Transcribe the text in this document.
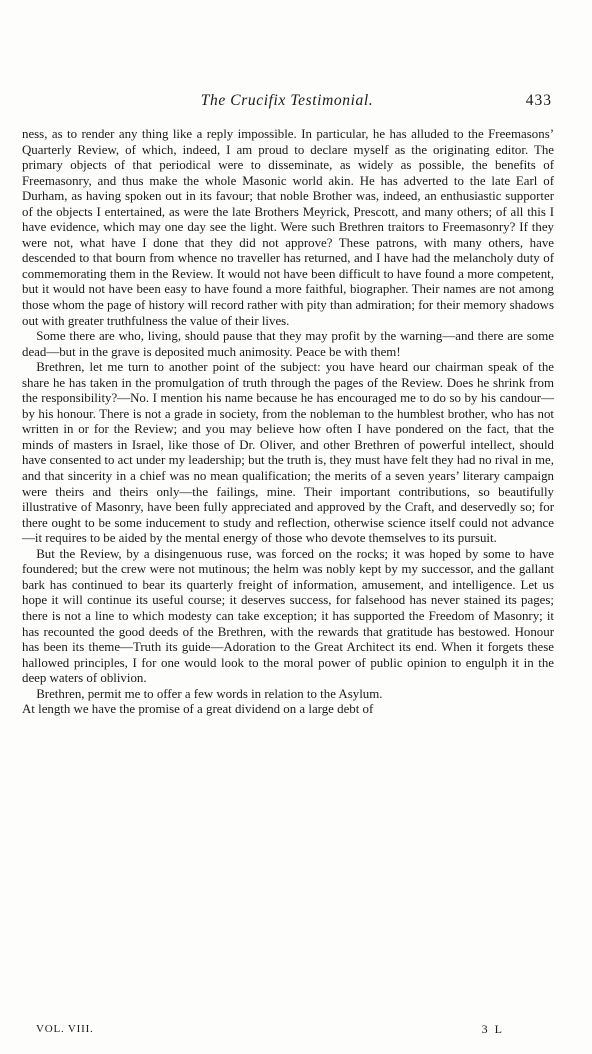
The Crucifix Testimonial.	433

ness, as to render any thing like a reply impossible. In particular, he has alluded to the Freemasons’ Quarterly Review, of which, indeed, I am proud to declare myself as the originating editor. The primary objects of that periodical were to disseminate, as widely as possible, the benefits of Freemasonry, and thus make the whole Masonic world akin. He has adverted to the late Earl of Durham, as having spoken out in its favour; that noble Brother was, indeed, an enthusiastic supporter of the objects I entertained, as were the late Brothers Meyrick, Prescott, and many others; of all this I have evidence, which may one day see the light. Were such Brethren traitors to Freemasonry? If they were not, what have I done that they did not approve? These patrons, with many others, have descended to that bourn from whence no traveller has returned, and I have had the melancholy duty of commemorating them in the Review. It would not have been difficult to have found a more competent, but it would not have been easy to have found a more faithful, biographer. Their names are not among those whom the page of history will record rather with pity than admiration; for their memory shadows out with greater truthfulness the value of their lives.

Some there are who, living, should pause that they may profit by the warning—and there are some dead—but in the grave is deposited much animosity. Peace be with them!

Brethren, let me turn to another point of the subject: you have heard our chairman speak of the share he has taken in the promulgation of truth through the pages of the Review. Does he shrink from the responsibility?—No. I mention his name because he has encouraged me to do so by his candour—by his honour. There is not a grade in society, from the nobleman to the humblest brother, who has not written in or for the Review; and you may believe how often I have pondered on the fact, that the minds of masters in Israel, like those of Dr. Oliver, and other Brethren of powerful intellect, should have consented to act under my leadership; but the truth is, they must have felt they had no rival in me, and that sincerity in a chief was no mean qualification; the merits of a seven years’ literary campaign were theirs and theirs only—the failings, mine. Their important contributions, so beautifully illustrative of Masonry, have been fully appreciated and approved by the Craft, and deservedly so; for there ought to be some inducement to study and reflection, otherwise science itself could not advance—it requires to be aided by the mental energy of those who devote themselves to its pursuit.

But the Review, by a disingenuous ruse, was forced on the rocks; it was hoped by some to have foundered; but the crew were not mutinous; the helm was nobly kept by my successor, and the gallant bark has continued to bear its quarterly freight of information, amusement, and intelligence. Let us hope it will continue its useful course; it deserves success, for falsehood has never stained its pages; there is not a line to which modesty can take exception; it has supported the Freedom of Masonry; it has recounted the good deeds of the Brethren, with the rewards that gratitude has bestowed. Honour has been its theme—Truth its guide—Adoration to the Great Architect its end. When it forgets these hallowed principles, I for one would look to the moral power of public opinion to engulph it in the deep waters of oblivion.

Brethren, permit me to offer a few words in relation to the Asylum.

At length we have the promise of a great dividend on a large debt of

VOL. VIII.	3 L
